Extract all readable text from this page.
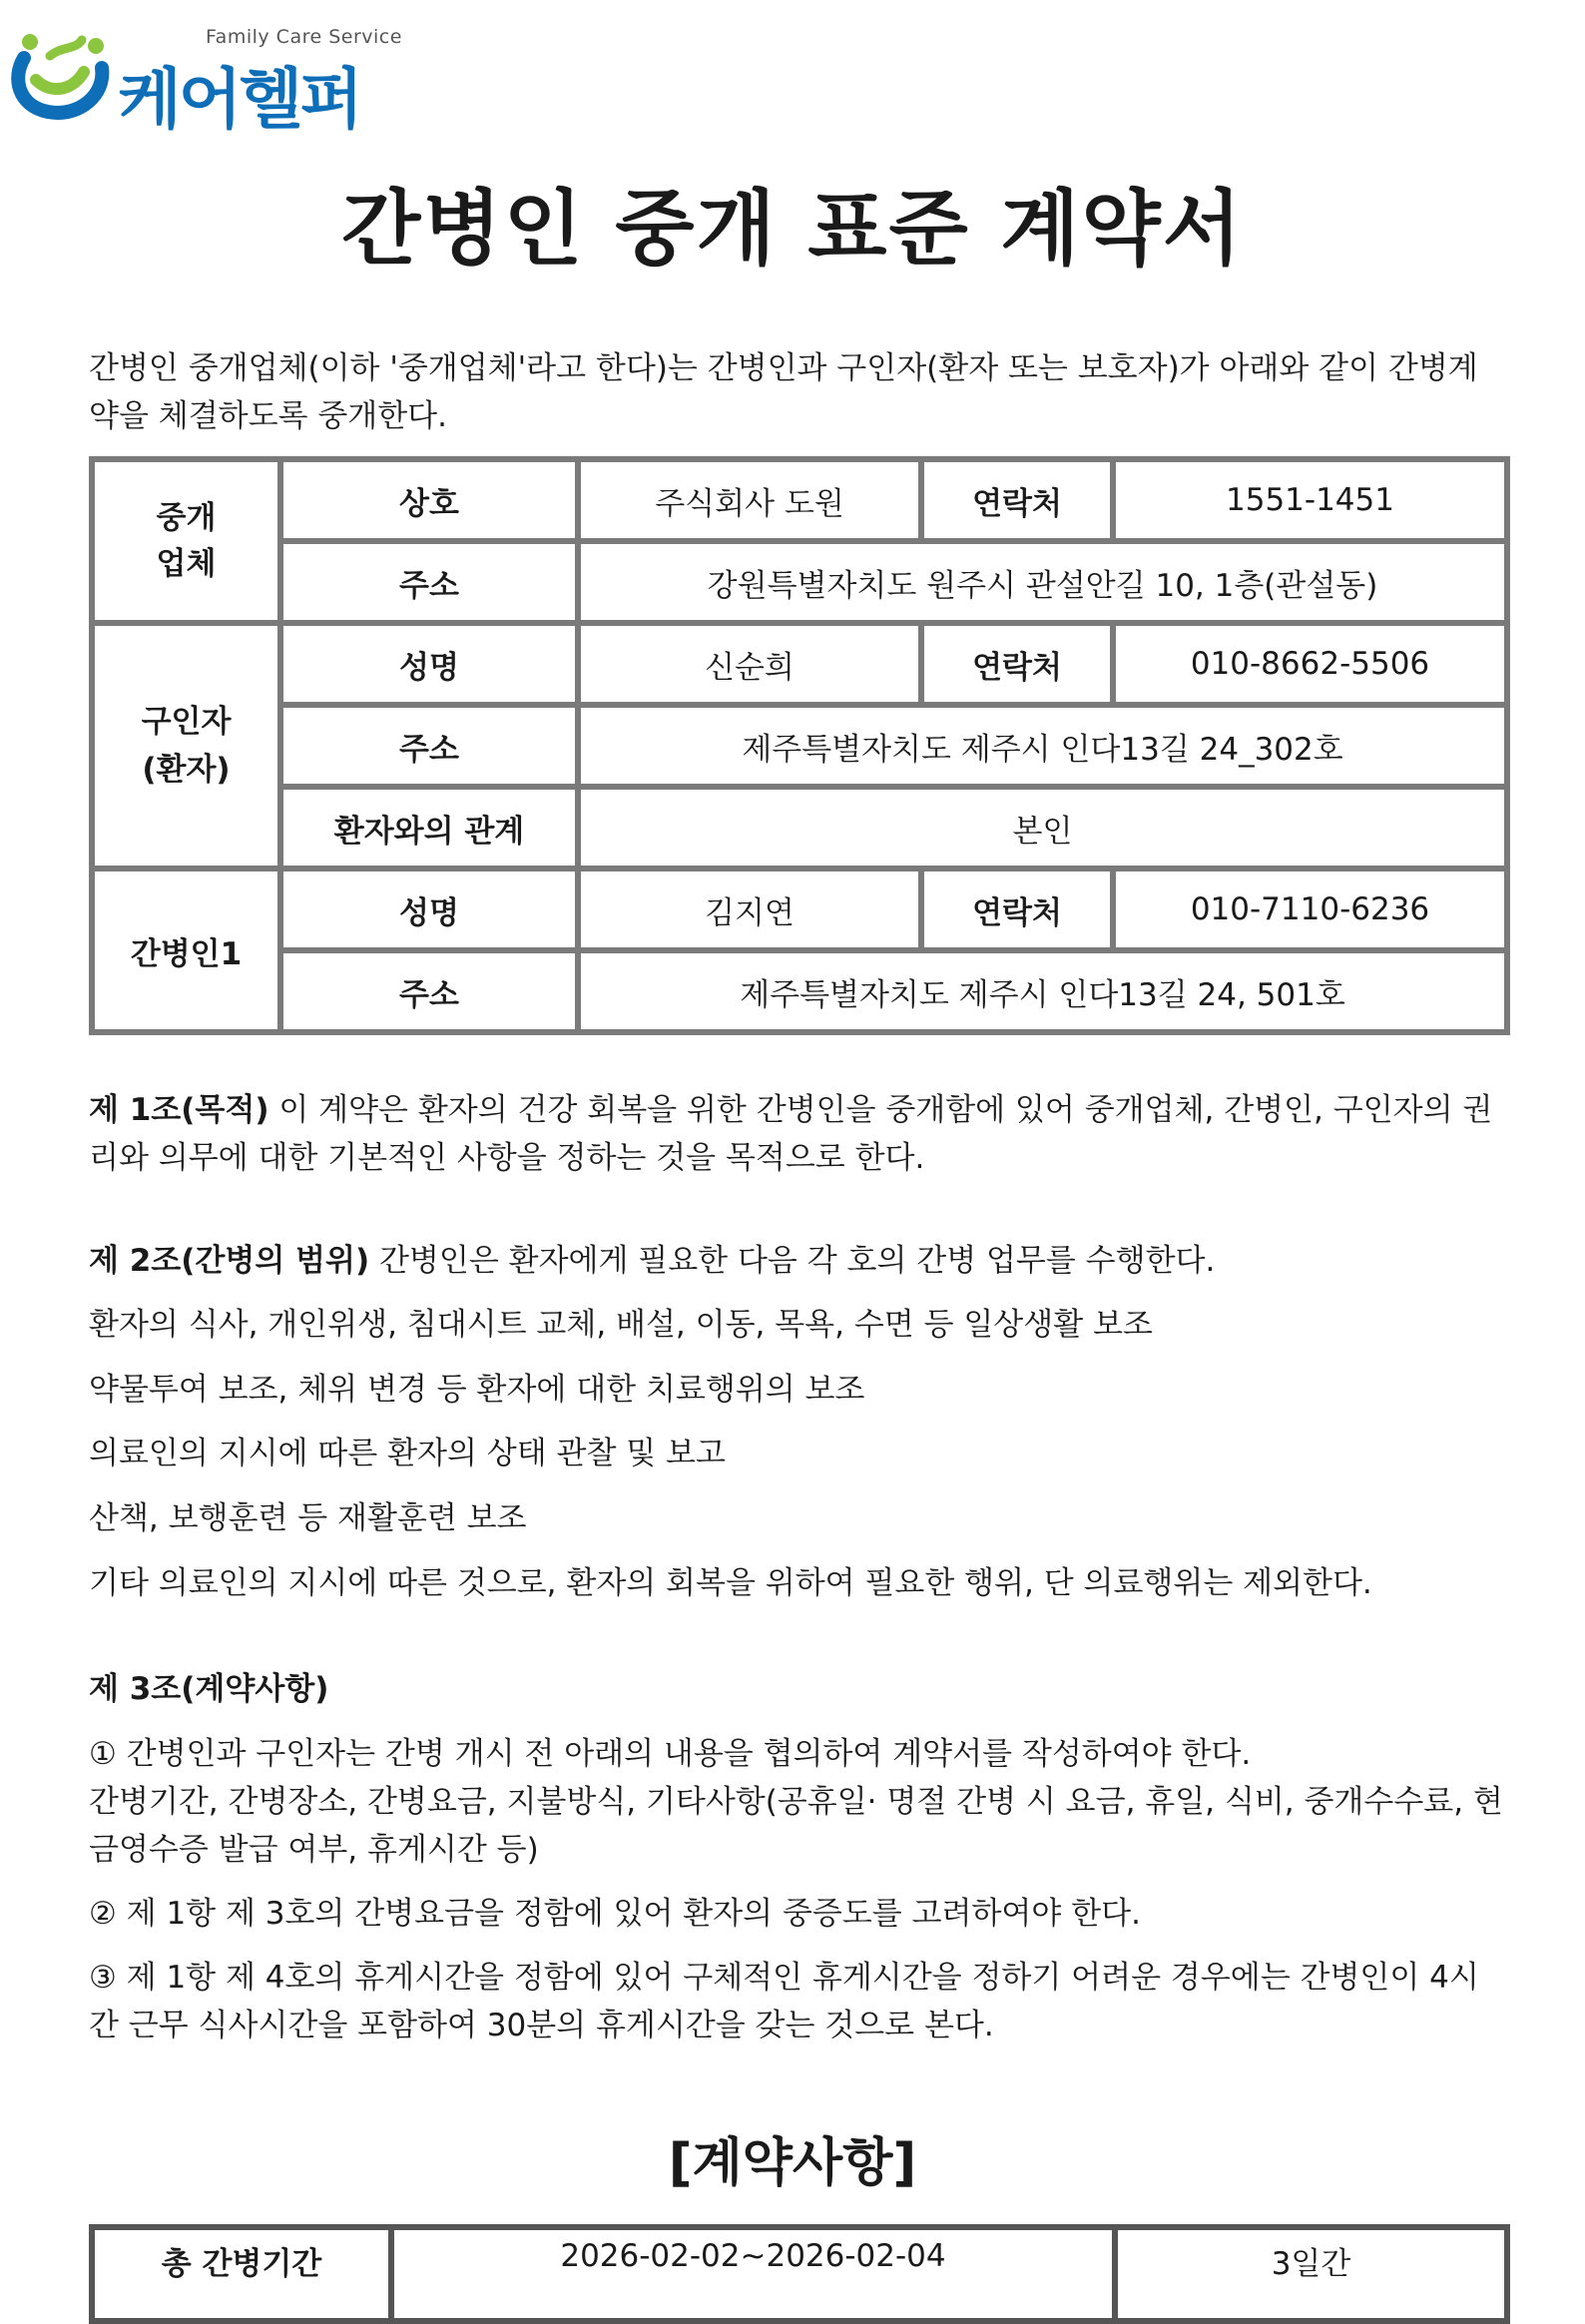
Family Care Service
케어헬퍼
간병인 중개 표준 계약서

간병인 중개업체(이하 '중개업체'라고 한다)는 간병인과 구인자(환자 또는 보호자)가 아래와 같이 간병계약을 체결하도록 중개한다.

중개업체	상호	주식회사 도원	연락처	1551-1451
	주소	강원특별자치도 원주시 관설안길 10, 1층(관설동)		
구인자(환자)	성명	신순희	연락처	010-8662-5506
	주소	제주특별자치도 제주시 인다13길 24_302호		
	환자와의 관계	본인		
간병인1	성명	김지연	연락처	010-7110-6236
	주소	제주특별자치도 제주시 인다13길 24, 501호		

제 1조(목적) 이 계약은 환자의 건강 회복을 위한 간병인을 중개함에 있어 중개업체, 간병인, 구인자의 권리와 의무에 대한 기본적인 사항을 정하는 것을 목적으로 한다.

제 2조(간병의 범위) 간병인은 환자에게 필요한 다음 각 호의 간병 업무를 수행한다.

환자의 식사, 개인위생, 침대시트 교체, 배설, 이동, 목욕, 수면 등 일상생활 보조

약물투여 보조, 체위 변경 등 환자에 대한 치료행위의 보조

의료인의 지시에 따른 환자의 상태 관찰 및 보고

산책, 보행훈련 등 재활훈련 보조

기타 의료인의 지시에 따른 것으로, 환자의 회복을 위하여 필요한 행위, 단 의료행위는 제외한다.

제 3조(계약사항)

① 간병인과 구인자는 간병 개시 전 아래의 내용을 협의하여 계약서를 작성하여야 한다.
간병기간, 간병장소, 간병요금, 지불방식, 기타사항(공휴일· 명절 간병 시 요금, 휴일, 식비, 중개수수료, 현금영수증 발급 여부, 휴게시간 등)

② 제 1항 제 3호의 간병요금을 정함에 있어 환자의 중증도를 고려하여야 한다.

③ 제 1항 제 4호의 휴게시간을 정함에 있어 구체적인 휴게시간을 정하기 어려운 경우에는 간병인이 4시간 근무 식사시간을 포함하여 30분의 휴게시간을 갖는 것으로 본다.

[계약사항]
총 간병기간	2026-02-02~2026-02-04	3일간
